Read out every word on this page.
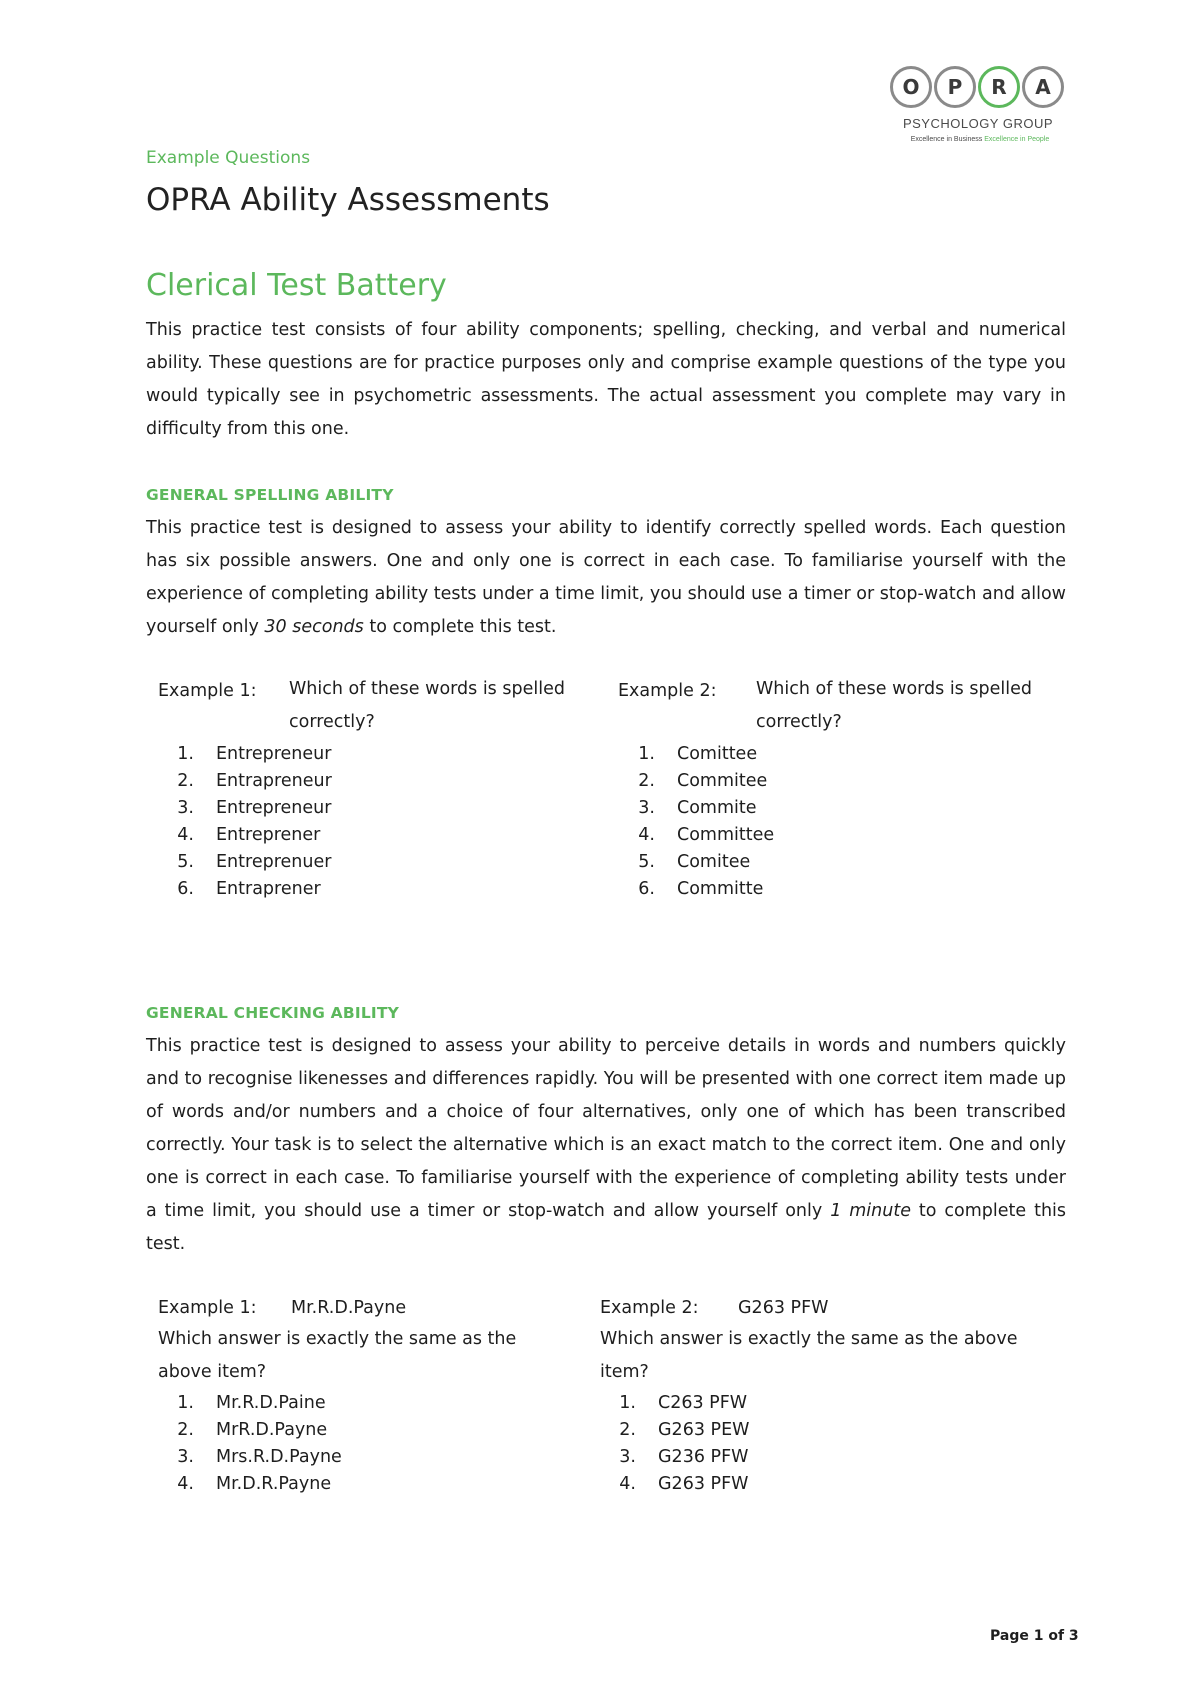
O	P	R	A
PSYCHOLOGY GROUP
Excellence in Business Excellence in People
Example Questions
OPRA Ability Assessments
Clerical Test Battery

This practice test consists of four ability components; spelling, checking, and verbal and numerical ability. These questions are for practice purposes only and comprise example questions of the type you would typically see in psychometric assessments. The actual assessment you complete may vary in difficulty from this one.

GENERAL SPELLING ABILITY

This practice test is designed to assess your ability to identify correctly spelled words. Each question has six possible answers. One and only one is correct in each case. To familiarise yourself with the experience of completing ability tests under a time limit, you should use a timer or stop-watch and allow yourself only 30 seconds to complete this test.

Example 1: Which of these words is spelled correctly?
1. Entrepreneur
2. Entrapreneur
3. Entrepreneur
4. Entreprener
5. Entreprenuer
6. Entraprener
Example 2: Which of these words is spelled correctly?
1. Comittee
2. Commitee
3. Commite
4. Committee
5. Comitee
6. Committe
GENERAL CHECKING ABILITY

This practice test is designed to assess your ability to perceive details in words and numbers quickly and to recognise likenesses and differences rapidly. You will be presented with one correct item made up of words and/or numbers and a choice of four alternatives, only one of which has been transcribed correctly. Your task is to select the alternative which is an exact match to the correct item. One and only one is correct in each case. To familiarise yourself with the experience of completing ability tests under a time limit, you should use a timer or stop-watch and allow yourself only 1 minute to complete this test.

Example 1: Mr.R.D.Payne
Which answer is exactly the same as the above item?
1. Mr.R.D.Paine
2. MrR.D.Payne
3. Mrs.R.D.Payne
4. Mr.D.R.Payne
Example 2: G263 PFW
Which answer is exactly the same as the above item?
1. C263 PFW
2. G263 PEW
3. G236 PFW
4. G263 PFW
Page 1 of 3
